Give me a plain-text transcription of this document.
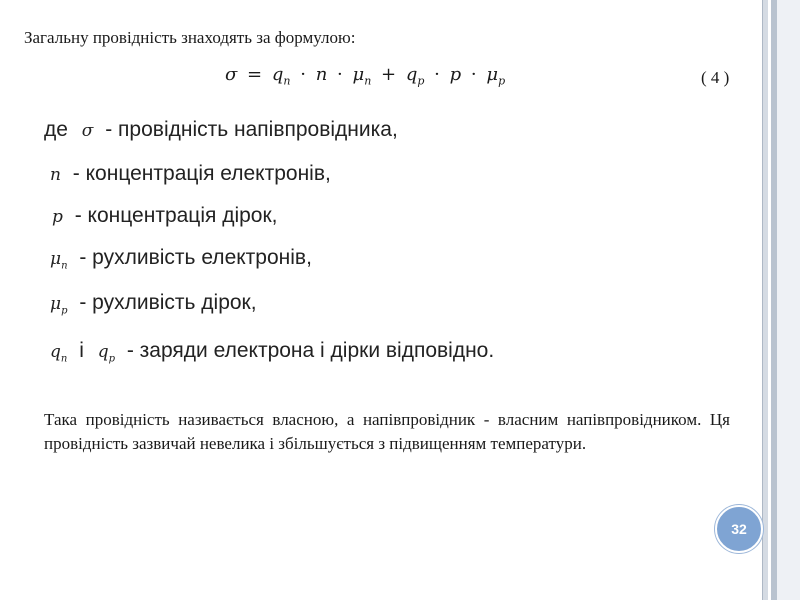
Загальну провідність знаходять за формулою:

$\sigma = q_n \cdot n \cdot \mu_n + q_p \cdot p \cdot \mu_p$	( 4 )
де σ - провідність напівпровідника,
n - концентрація електронів,
p - концентрація дірок,
$\mu_n$ - рухливість електронів,
$\mu_p$ - рухливість дірок,
$q_n$ і $q_p$ - заряди електрона і дірки відповідно.

Така провідність називається власною, а напівпровідник - власним напівпровідником. Ця провідність зазвичай невелика і збільшується з підвищенням температури.

32
